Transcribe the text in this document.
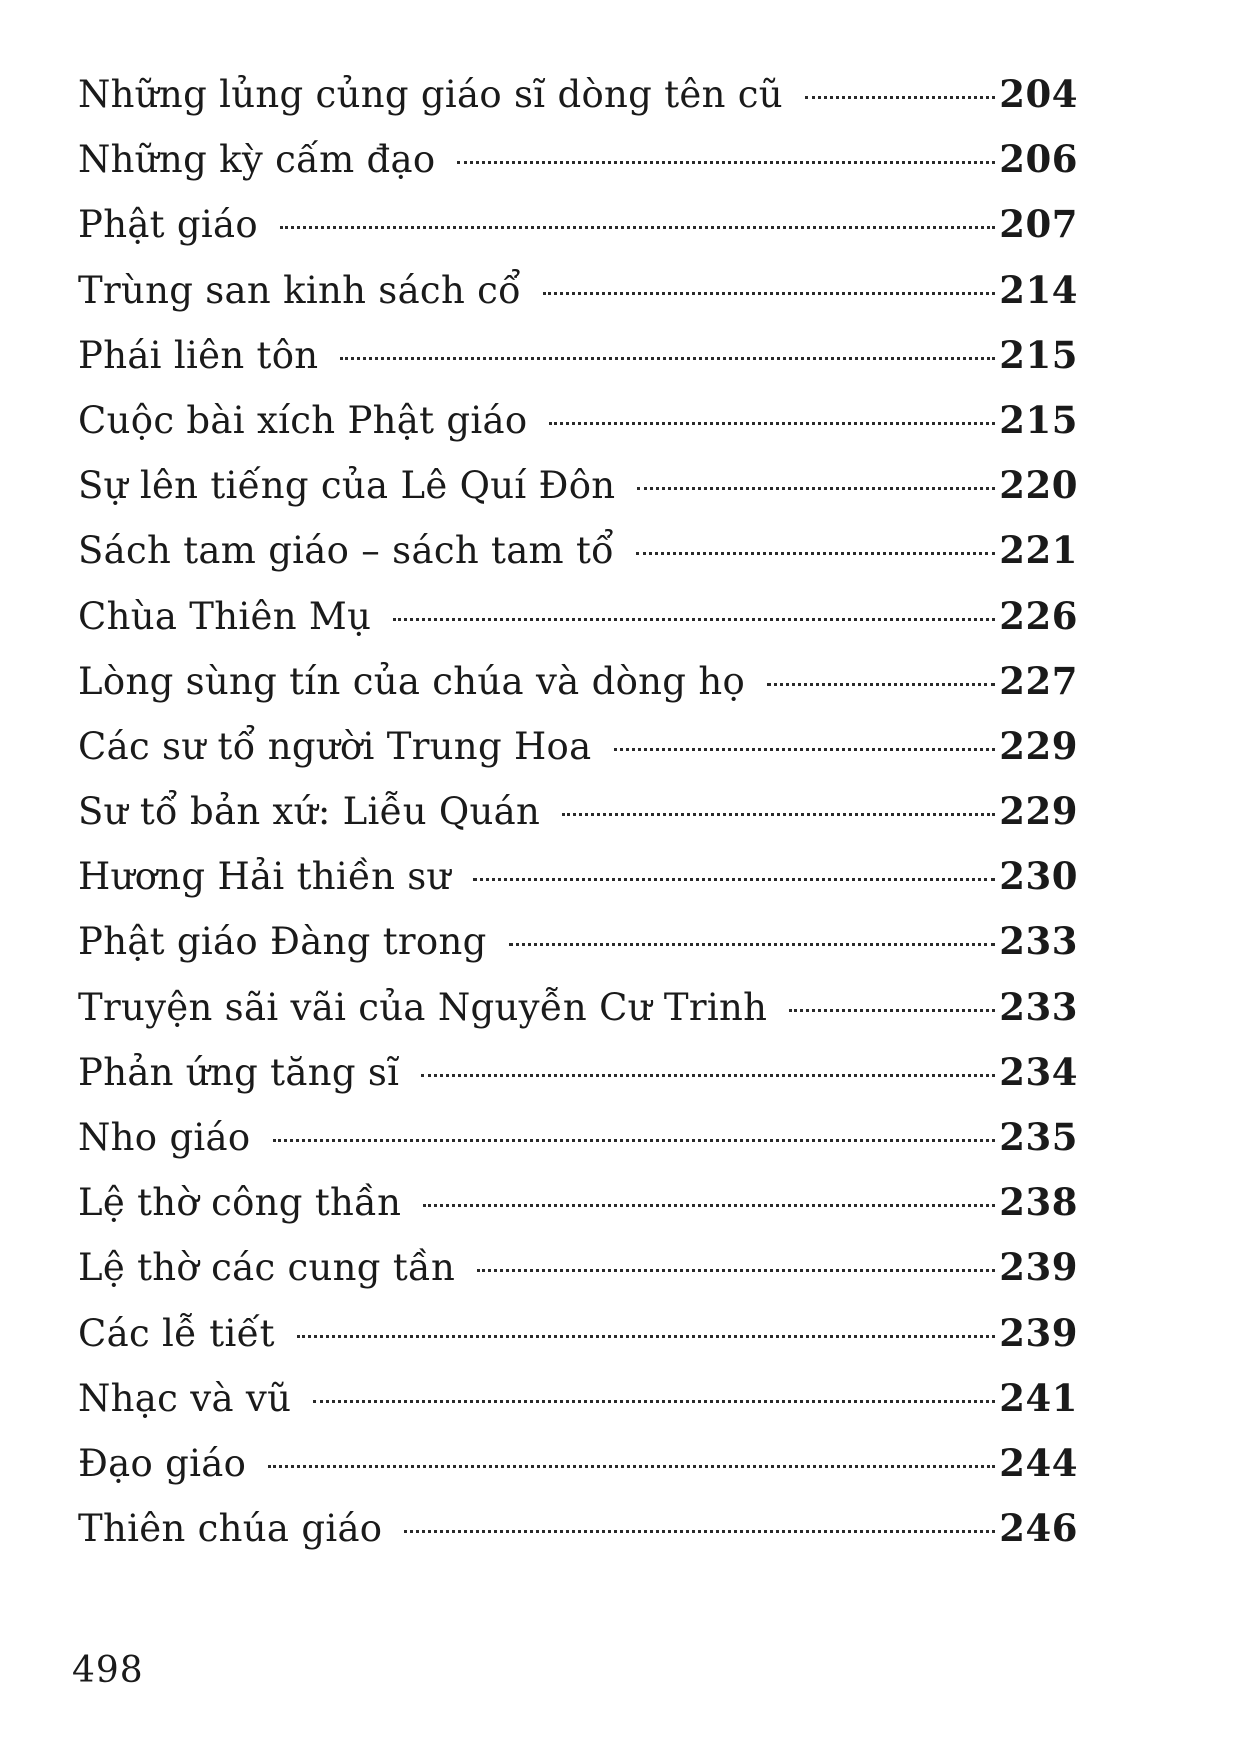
Những lủng củng giáo sĩ dòng tên cũ	204
Những kỳ cấm đạo	206
Phật giáo	207
Trùng san kinh sách cổ	214
Phái liên tôn	215
Cuộc bài xích Phật giáo	215
Sự lên tiếng của Lê Quí Đôn	220
Sách tam giáo – sách tam tổ	221
Chùa Thiên Mụ	226
Lòng sùng tín của chúa và dòng họ	227
Các sư tổ người Trung Hoa	229
Sư tổ bản xứ: Liễu Quán	229
Hương Hải thiền sư	230
Phật giáo Đàng trong	233
Truyện sãi vãi của Nguyễn Cư Trinh	233
Phản ứng tăng sĩ	234
Nho giáo	235
Lệ thờ công thần	238
Lệ thờ các cung tần	239
Các lễ tiết	239
Nhạc và vũ	241
Đạo giáo	244
Thiên chúa giáo	246
498
